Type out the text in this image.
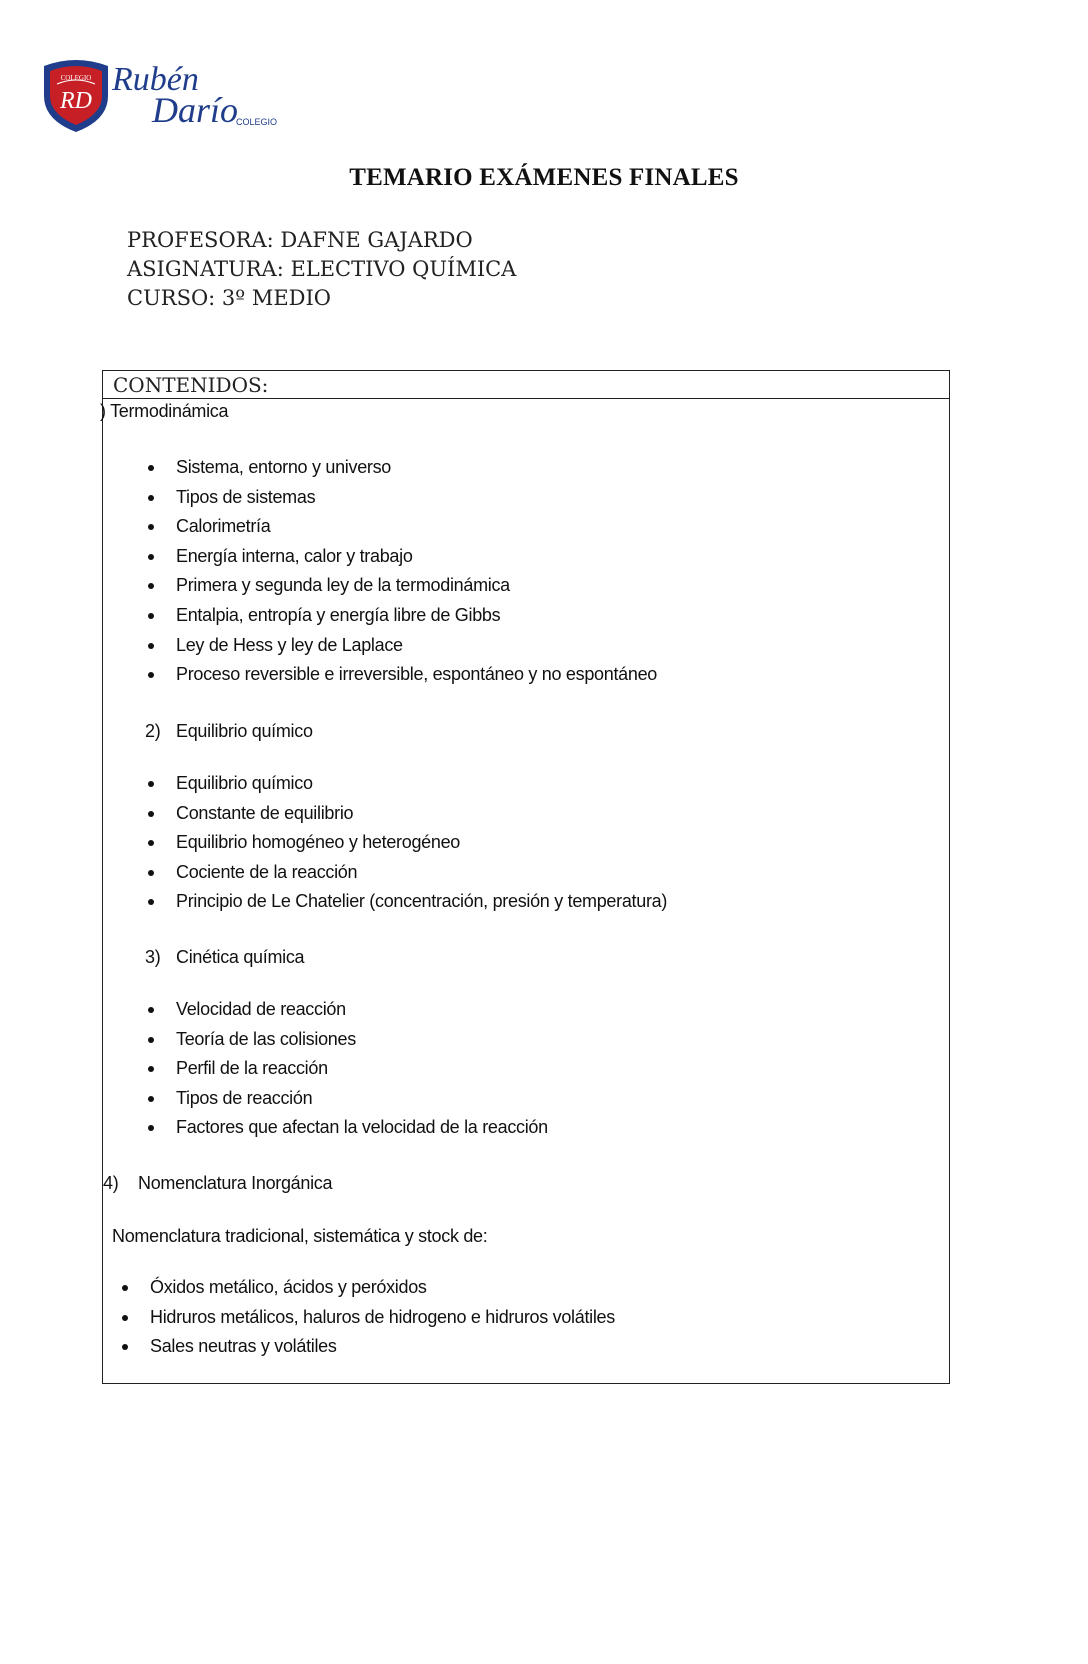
COLEGIO
RD
Rubén
Darío
COLEGIO
TEMARIO EXÁMENES FINALES
PROFESORA: DAFNE GAJARDO
ASIGNATURA: ELECTIVO QUÍMICA
CURSO: 3º MEDIO
CONTENIDOS:
) Termodinámica
Sistema, entorno y universo
Tipos de sistemas
Calorimetría
Energía interna, calor y trabajo
Primera y segunda ley de la termodinámica
Entalpia, entropía y energía libre de Gibbs
Ley de Hess y ley de Laplace
Proceso reversible e irreversible, espontáneo y no espontáneo
2) Equilibrio químico
Equilibrio químico
Constante de equilibrio
Equilibrio homogéneo y heterogéneo
Cociente de la reacción
Principio de Le Chatelier (concentración, presión y temperatura)
3) Cinética química
Velocidad de reacción
Teoría de las colisiones
Perfil de la reacción
Tipos de reacción
Factores que afectan la velocidad de la reacción
4) Nomenclatura Inorgánica
Nomenclatura tradicional, sistemática y stock de:
Óxidos metálico, ácidos y peróxidos
Hidruros metálicos, haluros de hidrogeno e hidruros volátiles
Sales neutras y volátiles
